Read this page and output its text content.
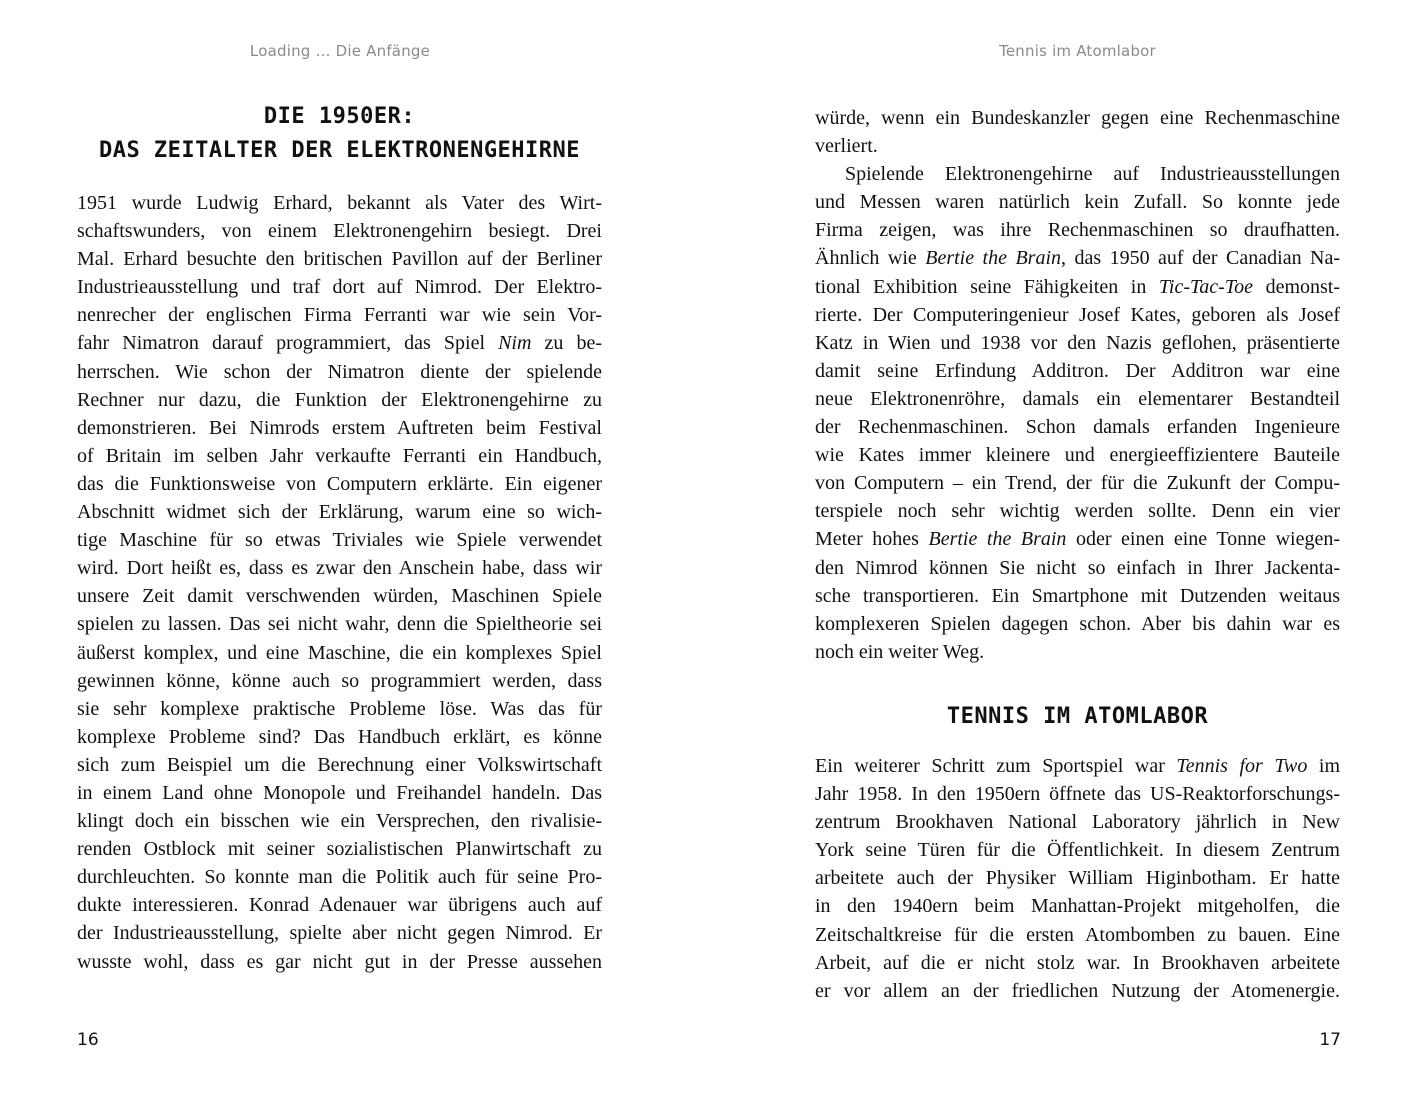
Loading … Die Anfänge
DIE 1950ER:
DAS ZEITALTER DER ELEKTRONENGEHIRNE
1951 wurde Ludwig Erhard, bekannt als Vater des Wirt-
schaftswunders, von einem Elektronengehirn besiegt. Drei
Mal. Erhard besuchte den britischen Pavillon auf der Berliner
Industrieausstellung und traf dort auf Nimrod. Der Elektro-
nenrecher der englischen Firma Ferranti war wie sein Vor-
fahr Nimatron darauf programmiert, das Spiel Nim zu be-
herrschen. Wie schon der Nimatron diente der spielende
Rechner nur dazu, die Funktion der Elektronengehirne zu
demonstrieren. Bei Nimrods erstem Auftreten beim Festival
of Britain im selben Jahr verkaufte Ferranti ein Handbuch,
das die Funktionsweise von Computern erklärte. Ein eigener
Abschnitt widmet sich der Erklärung, warum eine so wich-
tige Maschine für so etwas Triviales wie Spiele verwendet
wird. Dort heißt es, dass es zwar den Anschein habe, dass wir
unsere Zeit damit verschwenden würden, Maschinen Spiele
spielen zu lassen. Das sei nicht wahr, denn die Spieltheorie sei
äußerst komplex, und eine Maschine, die ein komplexes Spiel
gewinnen könne, könne auch so programmiert werden, dass
sie sehr komplexe praktische Probleme löse. Was das für
komplexe Probleme sind? Das Handbuch erklärt, es könne
sich zum Beispiel um die Berechnung einer Volkswirtschaft
in einem Land ohne Monopole und Freihandel handeln. Das
klingt doch ein bisschen wie ein Versprechen, den rivalisie-
renden Ostblock mit seiner sozialistischen Planwirtschaft zu
durchleuchten. So konnte man die Politik auch für seine Pro-
dukte interessieren. Konrad Adenauer war übrigens auch auf
der Industrieausstellung, spielte aber nicht gegen Nimrod. Er
wusste wohl, dass es gar nicht gut in der Presse aussehen
16
Tennis im Atomlabor
würde, wenn ein Bundeskanzler gegen eine Rechenmaschine
verliert.
Spielende Elektronengehirne auf Industrieausstellungen
und Messen waren natürlich kein Zufall. So konnte jede
Firma zeigen, was ihre Rechenmaschinen so draufhatten.
Ähnlich wie Bertie the Brain, das 1950 auf der Canadian Na-
tional Exhibition seine Fähigkeiten in Tic-Tac-Toe demonst-
rierte. Der Computeringenieur Josef Kates, geboren als Josef
Katz in Wien und 1938 vor den Nazis geflohen, präsentierte
damit seine Erfindung Additron. Der Additron war eine
neue Elektronenröhre, damals ein elementarer Bestandteil
der Rechenmaschinen. Schon damals erfanden Ingenieure
wie Kates immer kleinere und energieeffizientere Bauteile
von Computern – ein Trend, der für die Zukunft der Compu-
terspiele noch sehr wichtig werden sollte. Denn ein vier
Meter hohes Bertie the Brain oder einen eine Tonne wiegen-
den Nimrod können Sie nicht so einfach in Ihrer Jackenta-
sche transportieren. Ein Smartphone mit Dutzenden weitaus
komplexeren Spielen dagegen schon. Aber bis dahin war es
noch ein weiter Weg.
TENNIS IM ATOMLABOR
Ein weiterer Schritt zum Sportspiel war Tennis for Two im
Jahr 1958. In den 1950ern öffnete das US-Reaktorforschungs-
zentrum Brookhaven National Laboratory jährlich in New
York seine Türen für die Öffentlichkeit. In diesem Zentrum
arbeitete auch der Physiker William Higinbotham. Er hatte
in den 1940ern beim Manhattan-Projekt mitgeholfen, die
Zeitschaltkreise für die ersten Atombomben zu bauen. Eine
Arbeit, auf die er nicht stolz war. In Brookhaven arbeitete
er vor allem an der friedlichen Nutzung der Atomenergie.
17
